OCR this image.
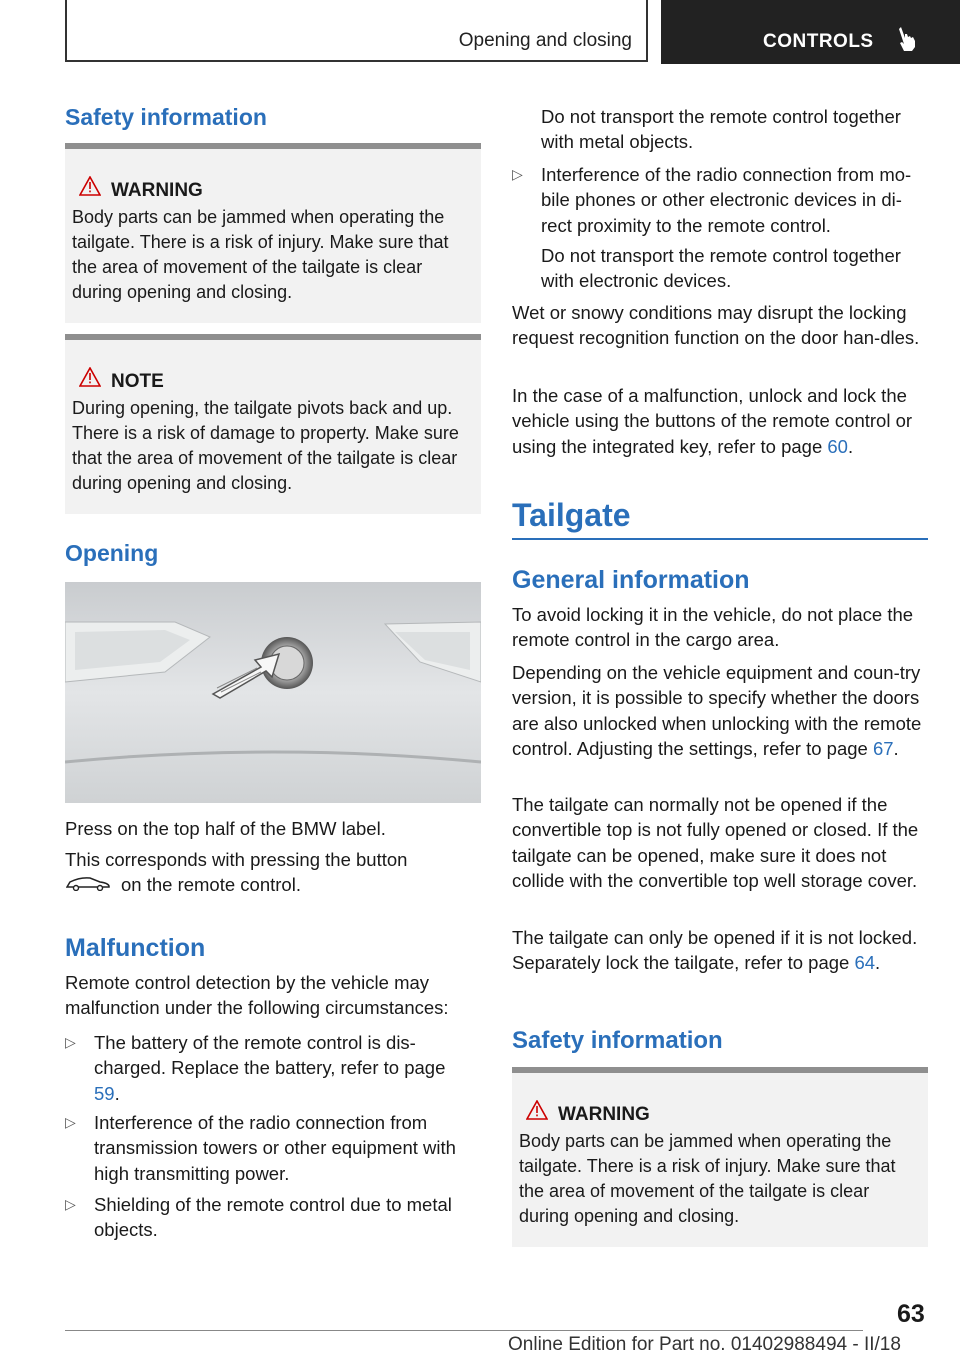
Opening and closing	CONTROLS
Safety information
WARNING
Body parts can be jammed when operating the tailgate. There is a risk of injury. Make sure that the area of movement of the tailgate is clear during opening and closing.
NOTE
During opening, the tailgate pivots back and up. There is a risk of damage to property. Make sure that the area of movement of the tailgate is clear during opening and closing.
Opening
Press on the top half of the BMW label.
This corresponds with pressing the button
on the remote control.
Malfunction
Remote control detection by the vehicle may malfunction under the following circumstances:
▷ The battery of the remote control is dis‐charged. Replace the battery, refer to page 59.
▷ Interference of the radio connection from transmission towers or other equipment with high transmitting power.
▷ Shielding of the remote control due to metal objects.
Do not transport the remote control together with metal objects.
▷ Interference of the radio connection from mo‐bile phones or other electronic devices in di‐rect proximity to the remote control.
Do not transport the remote control together with electronic devices.
Wet or snowy conditions may disrupt the locking request recognition function on the door han‐dles.
In the case of a malfunction, unlock and lock the vehicle using the buttons of the remote control or using the integrated key, refer to page 60.
Tailgate
General information
To avoid locking it in the vehicle, do not place the remote control in the cargo area.
Depending on the vehicle equipment and coun‐try version, it is possible to specify whether the doors are also unlocked when unlocking with the remote control. Adjusting the settings, refer to page 67.
The tailgate can normally not be opened if the convertible top is not fully opened or closed. If the tailgate can be opened, make sure it does not collide with the convertible top well storage cover.
The tailgate can only be opened if it is not locked. Separately lock the tailgate, refer to page 64.
Safety information
WARNING
Body parts can be jammed when operating the tailgate. There is a risk of injury. Make sure that the area of movement of the tailgate is clear during opening and closing.
63
Online Edition for Part no. 01402988494 - II/18
